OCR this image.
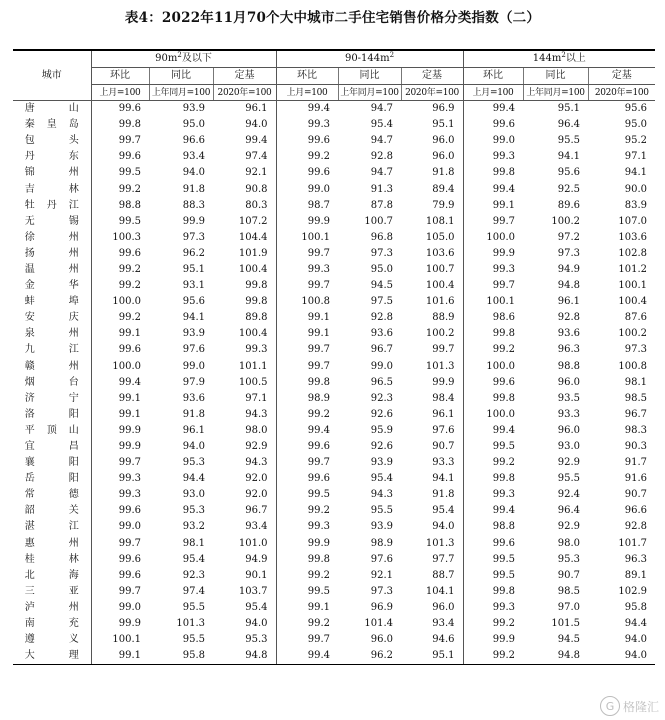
表4：2022年11月70个大中城市二手住宅销售价格分类指数（二）
城市	$90m^2$及以下			$90-144m^2$			$144m^2$以上		
	环比	同比	定基	环比	同比	定基	环比	同比	定基
	上月=100	上年同月=100	2020年=100	上月=100	上年同月=100	2020年=100	上月=100	上年同月=100	2020年=100
唐山	99.6	93.9	96.1	99.4	94.7	96.9	99.4	95.1	95.6
秦皇岛	99.8	95.0	94.0	99.3	95.4	95.1	99.6	96.4	95.0
包头	99.7	96.6	99.4	99.6	94.7	96.0	99.0	95.5	95.2
丹东	99.6	93.4	97.4	99.2	92.8	96.0	99.3	94.1	97.1
锦州	99.5	94.0	92.1	99.6	94.7	91.8	99.8	95.6	94.1
吉林	99.2	91.8	90.8	99.0	91.3	89.4	99.4	92.5	90.0
牡丹江	98.8	88.3	80.3	98.7	87.8	79.9	99.1	89.6	83.9
无锡	99.5	99.9	107.2	99.9	100.7	108.1	99.7	100.2	107.0
徐州	100.3	97.3	104.4	100.1	96.8	105.0	100.0	97.2	103.6
扬州	99.6	96.2	101.9	99.7	97.3	103.6	99.9	97.3	102.8
温州	99.2	95.1	100.4	99.3	95.0	100.7	99.3	94.9	101.2
金华	99.2	93.1	99.8	99.7	94.5	100.4	99.7	94.8	100.1
蚌埠	100.0	95.6	99.8	100.8	97.5	101.6	100.1	96.1	100.4
安庆	99.2	94.1	89.8	99.1	92.8	88.9	98.6	92.8	87.6
泉州	99.1	93.9	100.4	99.1	93.6	100.2	99.8	93.6	100.2
九江	99.6	97.6	99.3	99.7	96.7	99.7	99.2	96.3	97.3
赣州	100.0	99.0	101.1	99.7	99.0	101.3	100.0	98.8	100.8
烟台	99.4	97.9	100.5	99.8	96.5	99.9	99.6	96.0	98.1
济宁	99.1	93.6	97.1	98.9	92.3	98.4	99.8	93.5	98.5
洛阳	99.1	91.8	94.3	99.2	92.6	96.1	100.0	93.3	96.7
平顶山	99.9	96.1	98.0	99.4	95.9	97.6	99.4	96.0	98.3
宜昌	99.9	94.0	92.9	99.6	92.6	90.7	99.5	93.0	90.3
襄阳	99.7	95.3	94.3	99.7	93.9	93.3	99.2	92.9	91.7
岳阳	99.3	94.4	92.0	99.6	95.4	94.1	99.8	95.5	91.6
常德	99.3	93.0	92.0	99.5	94.3	91.8	99.3	92.4	90.7
韶关	99.6	95.3	96.7	99.2	95.5	95.4	99.4	96.4	96.6
湛江	99.0	93.2	93.4	99.3	93.9	94.0	98.8	92.9	92.8
惠州	99.7	98.1	101.0	99.9	98.9	101.3	99.6	98.0	101.7
桂林	99.6	95.4	94.9	99.8	97.6	97.7	99.5	95.3	96.3
北海	99.6	92.3	90.1	99.2	92.1	88.7	99.5	90.7	89.1
三亚	99.7	97.4	103.7	99.5	97.3	104.1	99.8	98.5	102.9
泸州	99.0	95.5	95.4	99.1	96.9	96.0	99.3	97.0	95.8
南充	99.9	101.3	94.0	99.2	101.4	93.4	99.2	101.5	94.4
遵义	100.1	95.5	95.3	99.7	96.0	94.6	99.9	94.5	94.0
大理	99.1	95.8	94.8	99.4	96.2	95.1	99.2	94.8	94.0
G 格隆汇
